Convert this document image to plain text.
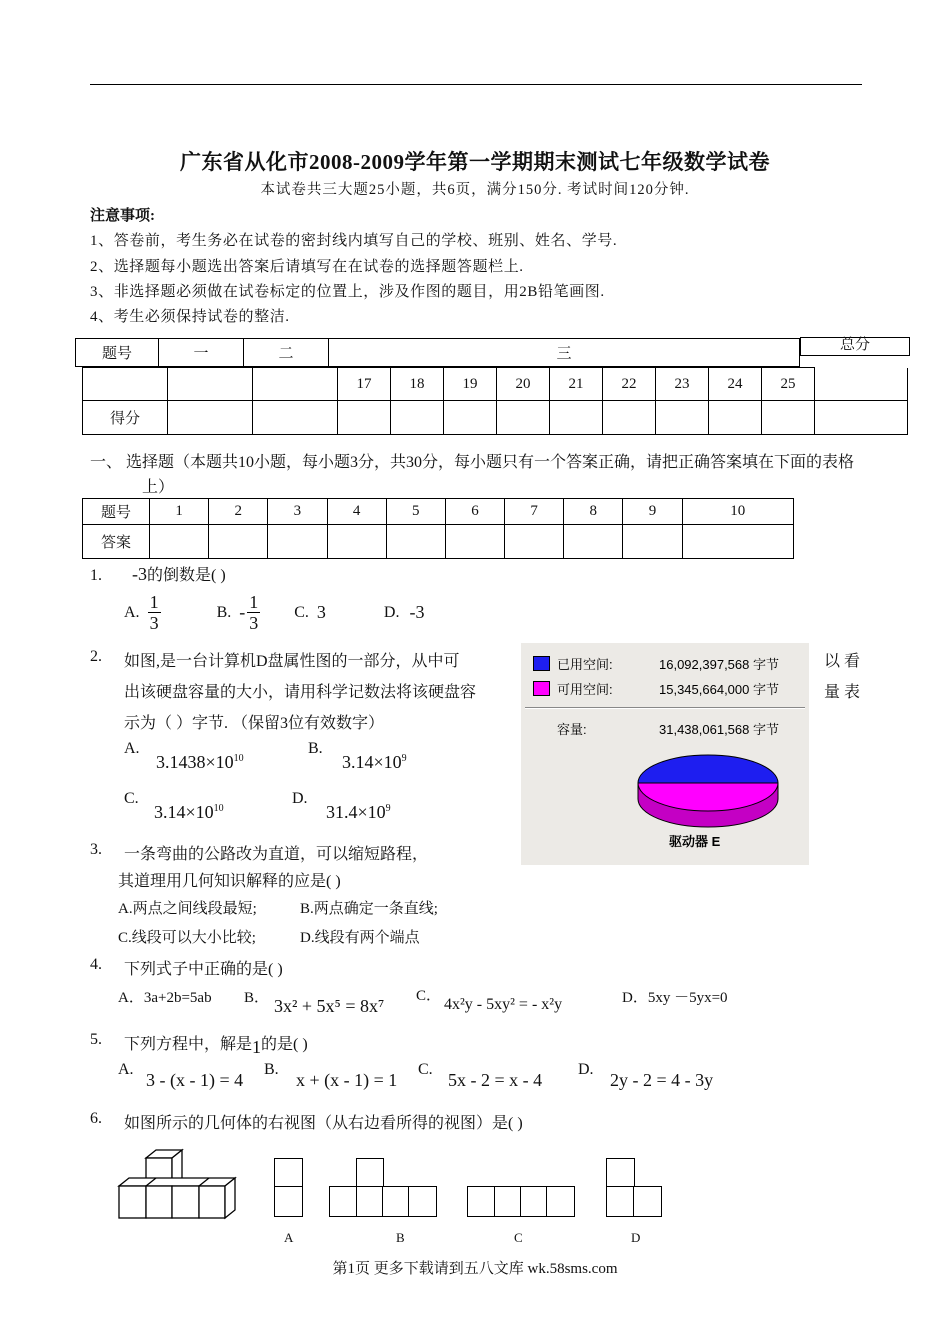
广东省从化市2008-2009学年第一学期期末测试七年级数学试卷
本试卷共三大题25小题，共6页，满分150分. 考试时间120分钟.
注意事项:
1、答卷前，考生务必在试卷的密封线内填写自己的学校、班别、姓名、学号.
2、选择题每小题选出答案后请填写在在试卷的选择题答题栏上.
3、非选择题必须做在试卷标定的位置上，涉及作图的题目，用2B铅笔画图.
4、考生必须保持试卷的整洁.
题号	一	二	三
总分
			17	18	19	20	21	22	23	24	25	
得分												
一、 选择题（本题共10小题，每小题3分，共30分，每小题只有一个答案正确，请把正确答案填在下面的表格上）
题号	1	2	3	4	5	6	7	8	9	10
答案										
1. -3的倒数是( )
A. $\frac{1}{3}$	B. - $\frac{1}{3} C$. 3	D. -3
2. 如图,是一台计算机D盘属性图的一部分，从中可	以 看
出该硬盘容量的大小，请用科学记数法将该硬盘容	量 表
示为（ ）字节. （保留3位有效数字）
A.
$3.1438\times 10^{10}$
B.
$3.14\times 10^9$
C.
$3.14\times 10^{10}$
D.
$31.4\times 10^9$
已用空间:	16,092,397,568 字节
可用空间:	15,345,664,000 字节
容量:	31,438,061,568 字节
驱动器 E
3. 一条弯曲的公路改为直道，可以缩短路程，
其道理用几何知识解释的应是( )
A.两点之间线段最短;	B.两点确定一条直线;
C.线段可以大小比较;	D.线段有两个端点
4. 下列式子中正确的是( )
A．3a+2b=5ab B． 3x² + 5x⁵ = 8x⁷ C． 4x²y - 5xy² = - x²y	D．5xy －5yx=0
5. 下列方程中，解是1的是( )
A.
3 - (x - 1) = 4
B.
x + (x - 1) = 1
C.
5x - 2 = x - 4
D.
2y - 2 = 4 - 3y
6. 如图所示的几何体的右视图（从右边看所得的视图）是( )
A	B	C	D
第1页 更多下载请到五八文库 wk.58sms.com
